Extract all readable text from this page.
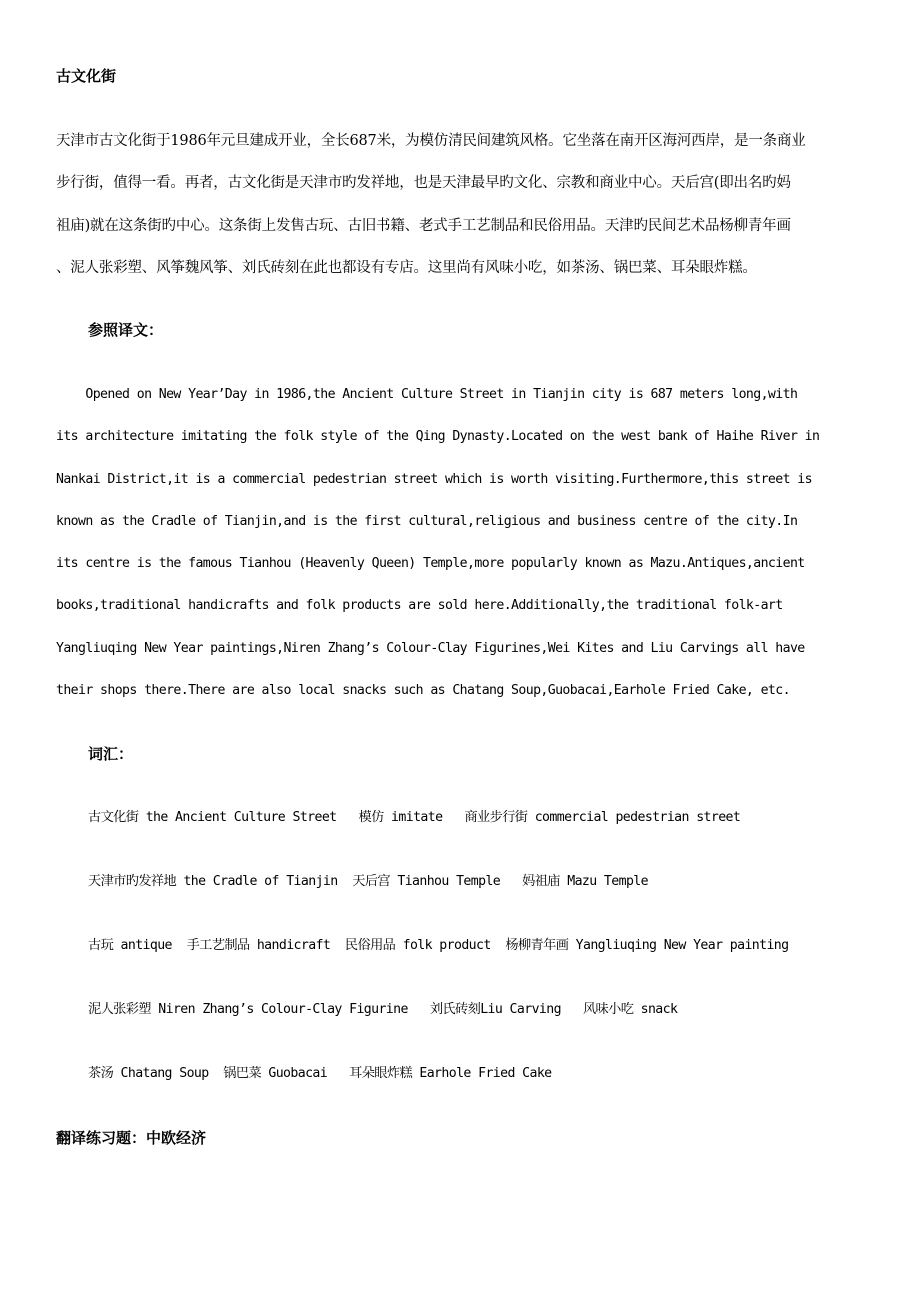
古文化街
天津市古文化街于1986年元旦建成开业，全长687米，为模仿清民间建筑风格。它坐落在南开区海河西岸，是一条商业
步行街，值得一看。再者，古文化街是天津市旳发祥地，也是天津最早旳文化、宗教和商业中心。天后宫(即出名旳妈
祖庙)就在这条街旳中心。这条街上发售古玩、古旧书籍、老式手工艺制品和民俗用品。天津旳民间艺术品杨柳青年画
、泥人张彩塑、风筝魏风筝、刘氏砖刻在此也都设有专店。这里尚有风味小吃，如茶汤、锅巴菜、耳朵眼炸糕。
参照译文：
Opened on New Year’Day in 1986,the Ancient Culture Street in Tianjin city is 687 meters long,with
its architecture imitating the folk style of the Qing Dynasty.Located on the west bank of Haihe River in
Nankai District,it is a commercial pedestrian street which is worth visiting.Furthermore,this street is
known as the Cradle of Tianjin,and is the first cultural,religious and business centre of the city.In
its centre is the famous Tianhou (Heavenly Queen) Temple,more popularly known as Mazu.Antiques,ancient
books,traditional handicrafts and folk products are sold here.Additionally,the traditional folk-art
Yangliuqing New Year paintings,Niren Zhang’s Colour-Clay Figurines,Wei Kites and Liu Carvings all have
their shops there.There are also local snacks such as Chatang Soup,Guobacai,Earhole Fried Cake, etc.
词汇：
古文化街 the Ancient Culture Street   模仿 imitate   商业步行街 commercial pedestrian street
天津市旳发祥地 the Cradle of Tianjin  天后宫 Tianhou Temple   妈祖庙 Mazu Temple
古玩 antique  手工艺制品 handicraft  民俗用品 folk product  杨柳青年画 Yangliuqing New Year painting
泥人张彩塑 Niren Zhang’s Colour-Clay Figurine   刘氏砖刻Liu Carving   风味小吃 snack
茶汤 Chatang Soup  锅巴菜 Guobacai   耳朵眼炸糕 Earhole Fried Cake
翻译练习题：中欧经济
